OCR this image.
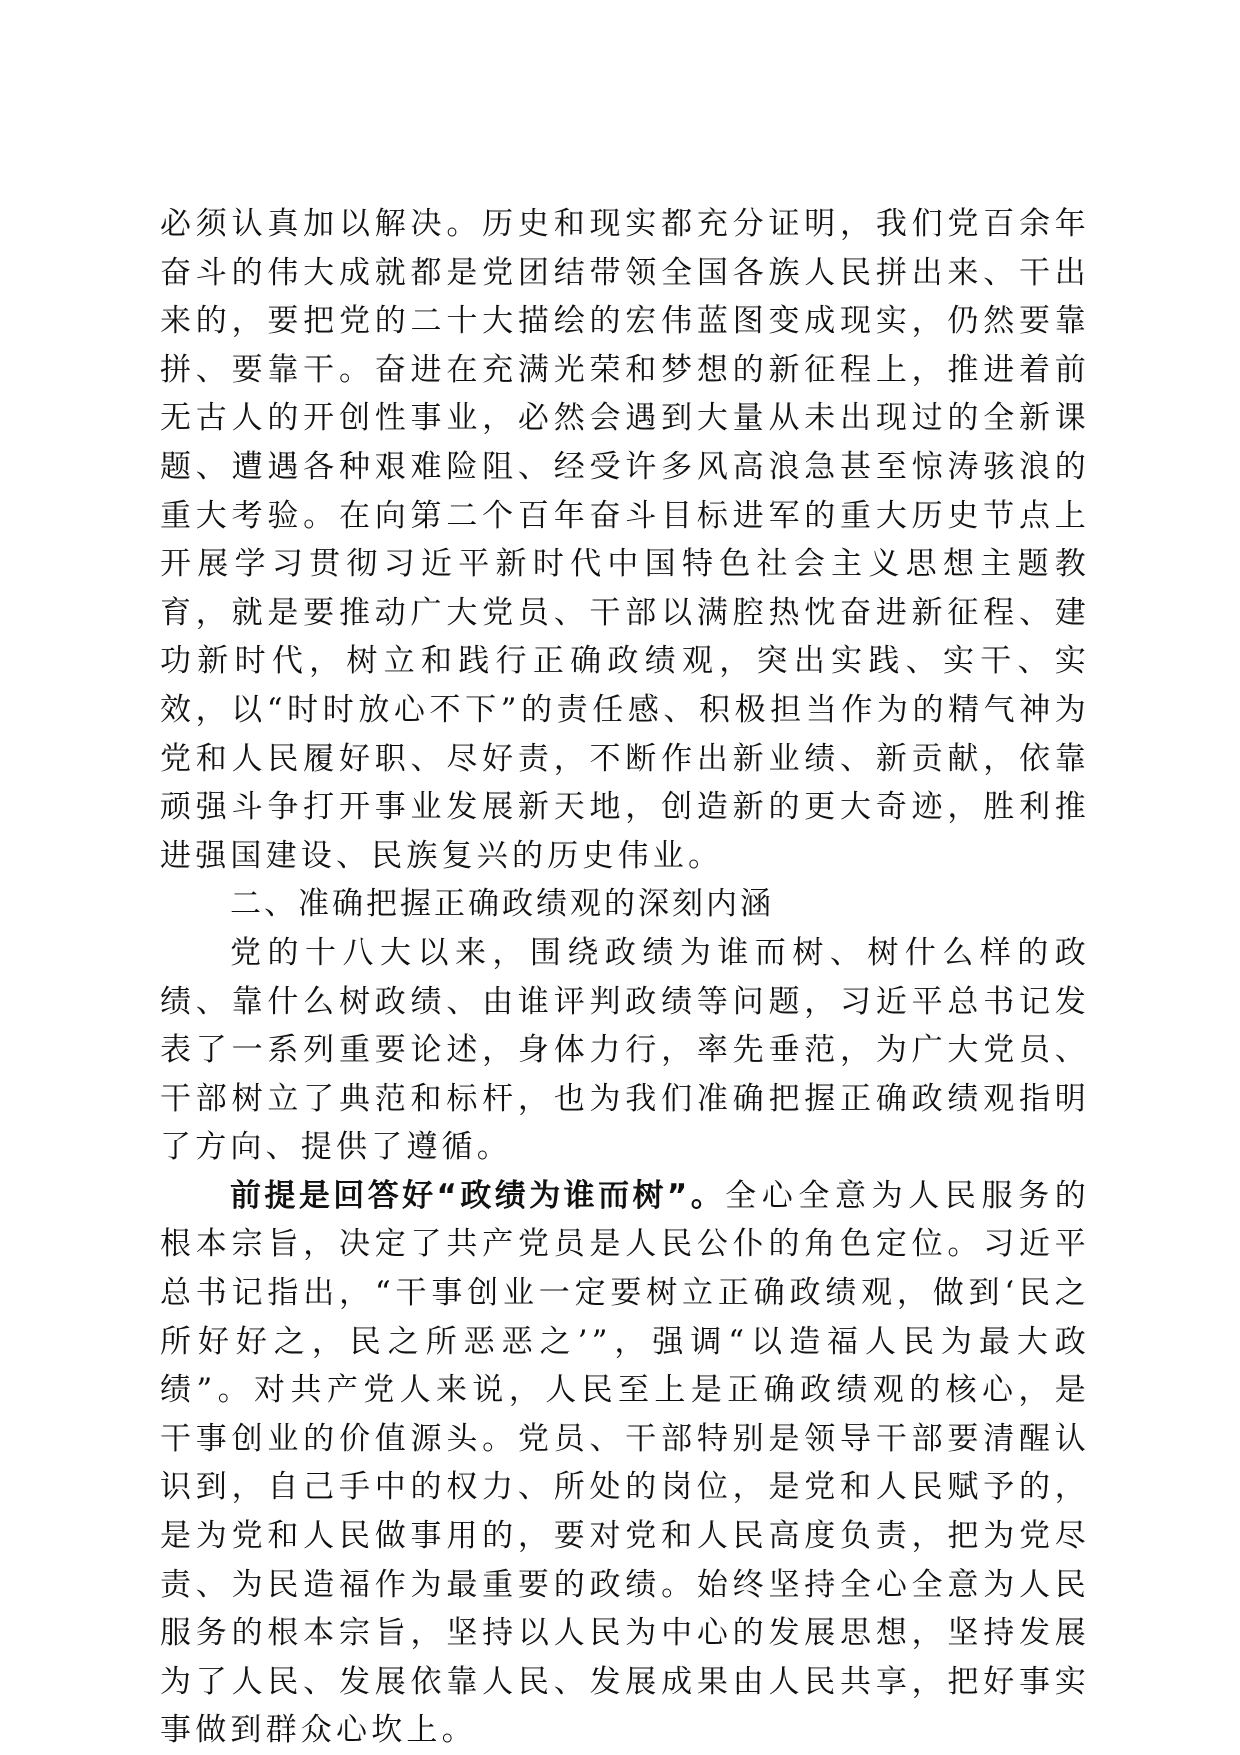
必须认真加以解决。历史和现实都充分证明，我们党百余年奋斗的伟大成就都是党团结带领全国各族人民拼出来、干出来的，要把党的二十大描绘的宏伟蓝图变成现实，仍然要靠拼、要靠干。奋进在充满光荣和梦想的新征程上，推进着前无古人的开创性事业，必然会遇到大量从未出现过的全新课题、遭遇各种艰难险阻、经受许多风高浪急甚至惊涛骇浪的重大考验。在向第二个百年奋斗目标进军的重大历史节点上开展学习贯彻习近平新时代中国特色社会主义思想主题教育，就是要推动广大党员、干部以满腔热忱奋进新征程、建功新时代，树立和践行正确政绩观，突出实践、实干、实效，以“时时放心不下”的责任感、积极担当作为的精气神为党和人民履好职、尽好责，不断作出新业绩、新贡献，依靠顽强斗争打开事业发展新天地，创造新的更大奇迹，胜利推进强国建设、民族复兴的历史伟业。

二、准确把握正确政绩观的深刻内涵

党的十八大以来，围绕政绩为谁而树、树什么样的政绩、靠什么树政绩、由谁评判政绩等问题，习近平总书记发表了一系列重要论述，身体力行，率先垂范，为广大党员、干部树立了典范和标杆，也为我们准确把握正确政绩观指明了方向、提供了遵循。

前提是回答好“政绩为谁而树”。全心全意为人民服务的根本宗旨，决定了共产党员是人民公仆的角色定位。习近平总书记指出，“干事创业一定要树立正确政绩观，做到‘民之所好好之，民之所恶恶之’”，强调“以造福人民为最大政绩”。对共产党人来说，人民至上是正确政绩观的核心，是干事创业的价值源头。党员、干部特别是领导干部要清醒认识到，自己手中的权力、所处的岗位，是党和人民赋予的，是为党和人民做事用的，要对党和人民高度负责，把为党尽责、为民造福作为最重要的政绩。始终坚持全心全意为人民服务的根本宗旨，坚持以人民为中心的发展思想，坚持发展为了人民、发展依靠人民、发展成果由人民共享，把好事实事做到群众心坎上。
